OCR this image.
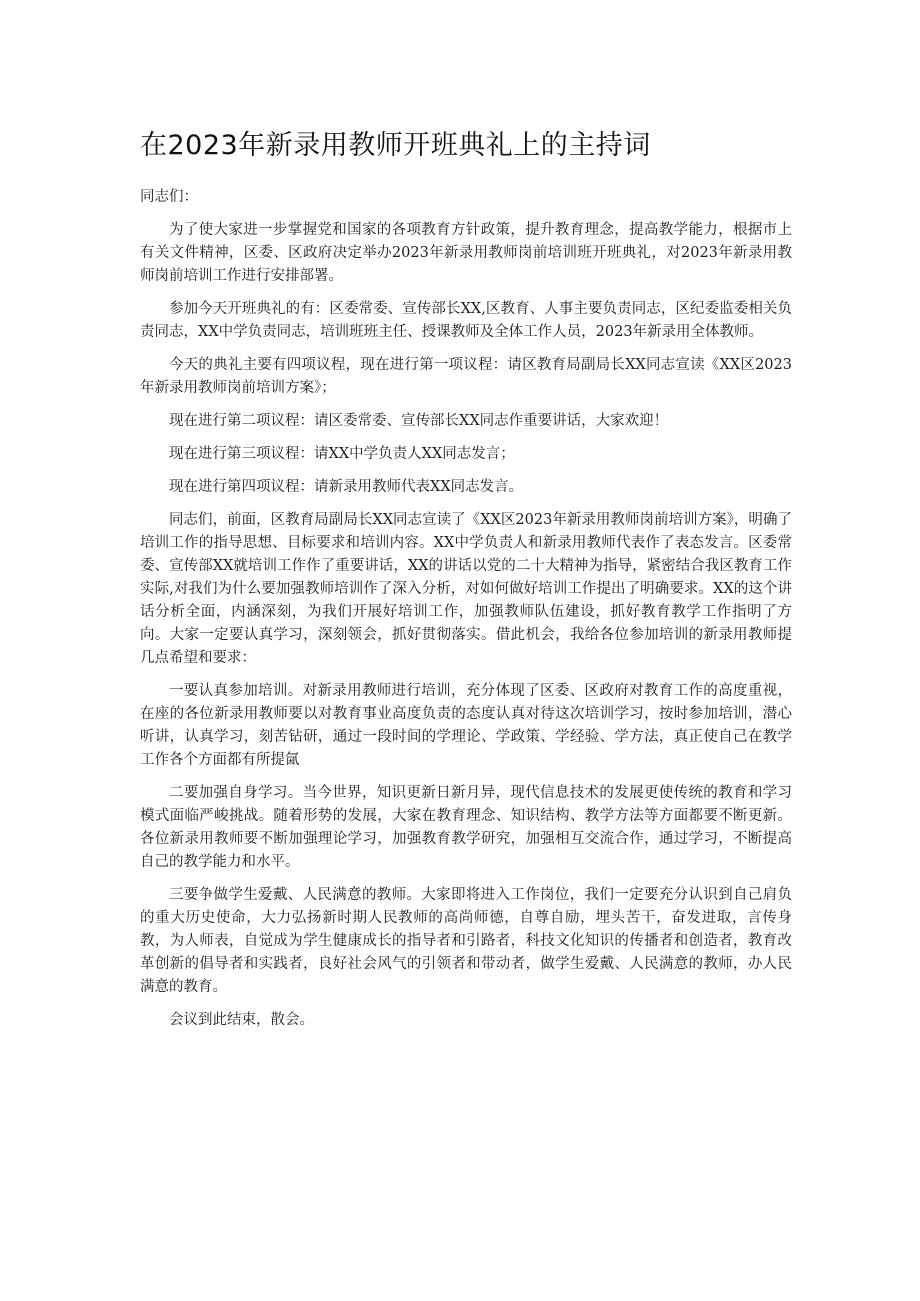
在2023年新录用教师开班典礼上的主持词

同志们：

为了使大家进一步掌握党和国家的各项教育方针政策，提升教育理念，提高教学能力，根据市上有关文件精神，区委、区政府决定举办2023年新录用教师岗前培训班开班典礼，对2023年新录用教师岗前培训工作进行安排部署。

参加今天开班典礼的有：区委常委、宣传部长XX,区教育、人事主要负责同志，区纪委监委相关负责同志，XX中学负责同志，培训班班主任、授课教师及全体工作人员，2023年新录用全体教师。

今天的典礼主要有四项议程，现在进行第一项议程：请区教育局副局长XX同志宣读《XX区2023年新录用教师岗前培训方案》；

现在进行第二项议程：请区委常委、宣传部长XX同志作重要讲话，大家欢迎！

现在进行第三项议程：请XX中学负责人XX同志发言；

现在进行第四项议程：请新录用教师代表XX同志发言。

同志们，前面，区教育局副局长XX同志宣读了《XX区2023年新录用教师岗前培训方案》，明确了培训工作的指导思想、目标要求和培训内容。XX中学负责人和新录用教师代表作了表态发言。区委常委、宣传部XX就培训工作作了重要讲话，XX的讲话以党的二十大精神为指导，紧密结合我区教育工作实际,对我们为什么要加强教师培训作了深入分析，对如何做好培训工作提出了明确要求。XX的这个讲话分析全面，内涵深刻，为我们开展好培训工作，加强教师队伍建设，抓好教育教学工作指明了方向。大家一定要认真学习，深刻领会，抓好贯彻落实。借此机会，我给各位参加培训的新录用教师提几点希望和要求：

一要认真参加培训。对新录用教师进行培训，充分体现了区委、区政府对教育工作的高度重视，在座的各位新录用教师要以对教育事业高度负责的态度认真对待这次培训学习，按时参加培训，潜心听讲，认真学习，刻苦钻研，通过一段时间的学理论、学政策、学经验、学方法，真正使自己在教学工作各个方面都有所提氤

二要加强自身学习。当今世界，知识更新日新月异，现代信息技术的发展更使传统的教育和学习模式面临严峻挑战。随着形势的发展，大家在教育理念、知识结构、教学方法等方面都要不断更新。各位新录用教师要不断加强理论学习，加强教育教学研究，加强相互交流合作，通过学习，不断提高自己的教学能力和水平。

三要争做学生爱戴、人民满意的教师。大家即将进入工作岗位，我们一定要充分认识到自己肩负的重大历史使命，大力弘扬新时期人民教师的高尚师德，自尊自励，埋头苦干，奋发进取，言传身教，为人师表，自觉成为学生健康成长的指导者和引路者，科技文化知识的传播者和创造者，教育改革创新的倡导者和实践者，良好社会风气的引领者和带动者，做学生爱戴、人民满意的教师，办人民满意的教育。

会议到此结束，散会。
